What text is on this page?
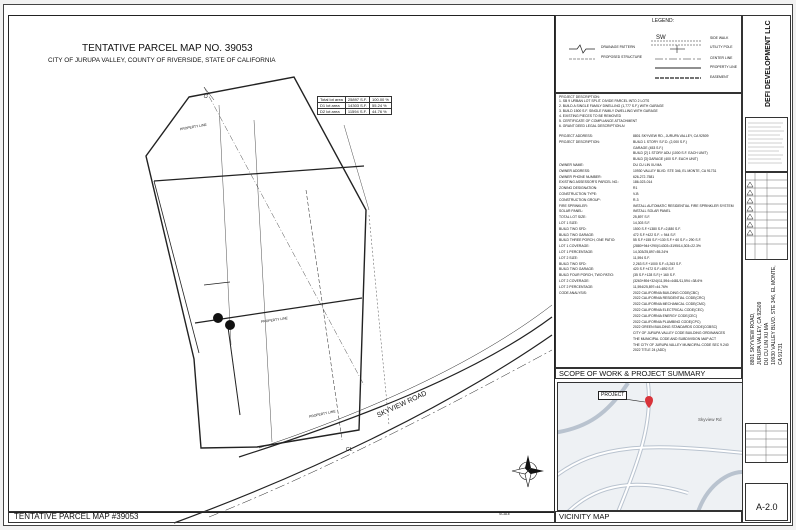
TENTATIVE PARCEL MAP NO. 39053
CITY OF JURUPA VALLEY, COUNTY OF RIVERSIDE, STATE OF CALIFORNIA
Total lot area	25897 S.F.	100.00 %
D1 lot area	14303 S.F.	55.24 %
D2 lot area	11594 S.F.	44.76 %
SKYVIEW ROAD
PROPERTY LINE
PROPERTY LINE
PROPERTY LINE
CL
CL
TENTATIVE PARCEL MAP #39053	SCALE
LEGEND:
SW
DRAINAGE PATTERN
PROPOSED STRUCTURE
SIDE WALK
UTILITY POLE
CENTER LINE
PROPERTY LINE
EASEMENT
PROJECT DESCRIPTION:
1. SB 9 URBAN LOT SPLIT. DIVIDE PARCEL INTO 2 LOTS
2. BUILD A SINGLE FAMILY DWELLING (1,777 S.F.) WITH GARAGE
3. BUILD 1500 S.F. SINGLE FAMILY DWELLING WITH GARAGE
4. EXISTING PIECES TO BE REMOVED
5. CERTIFICATE OF COMPLIANCE ATTACHMENT
6. GRANT DEED LEGAL DESCRIPTION A/
PROJECT ADDRESS:	8801 SKYVIEW RD., JURUPA VALLEY, CA 92509
PROJECT DESCRIPTION:	BUILD 1 STORY S.F.D. (2,000 S.F.)
GARAGE (453 S.F.)
BUILD [2] 1 STORY ADU (1000 S.F. EACH UNIT)
BUILD [3] GARAGE (400 S.F. EACH UNIT)
OWNER NAME:	DU CU LIN XU MA
OWNER ADDRESS:	10930 VALLEY BLVD. STE 346, EL MONTE, CA 91731
OWNER PHONE NUMBER:	626-272-7581
EXISTING ASSESSOR'S PARCEL NO.:	186-023-014
ZONING DESIGNATION:	R1
CONSTRUCTION TYPE:	V-B
CONSTRUCTION GROUP:	R-3
FIRE SPRINKLER:	INSTALL AUTOMATIC RESIDENTIAL FIRE SPRINKLER SYSTEM
SOLAR PANEL:	INSTALL SOLAR PANEL
TOTAL LOT SIZE:	25,897 S.F.
LOT 1 SIZE:	14,303 S.F.
BUILD TWO SFD:	1500 S.F.+1380 S.F.=2,880 S.F.
BUILD TWO GARAGE:	472 S.F.+422 S.F. = 944 S.F.
BUILD THREE PORCH, ONE PATIO:	55 S.F.+155 S.F.+130 S.F.+ 60 S.F.= 290 S.F.
LOT 1 COVERAGE:	(2880+944+290)/14303=3195/14,303=22.3%
LOT 1 PERCENTAGE:	14,303/25,897=55.24%
LOT 2 SIZE:	11,594 S.F.
BUILD TWO SFD:	2,263 S.F.+1000 S.F.=3,263 S.F.
BUILD TWO GARAGE:	420 S.F.+472 S.F.=892 S.F.
BUILD FOUR PORCH, TWO PATIO:	(35 S.F.+128 S.F.)+ 160 S.F.
LOT 2 COVERAGE:	(3263+894+324)/11,594=4481/11,594 =38.6%
LOT 2 PERCENTAGE:	11,594/25,897=44.76%
CODE ANALYSIS:	2022 CALIFORNIA BUILDING CODE(CBC)
2022 CALIFORNIA RESIDENTIAL CODE(CRC)
2022 CALIFORNIA MECHANICAL CODE(CMC)
2022 CALIFORNIA ELECTRICAL CODE(CEC)
2022 CALIFORNIA ENERGY CODE(CEC)
2022 CALIFORNIA PLUMBING CODE(CPC)
2022 GREEN BUILDING STANDARDS CODE(CGBSC)
CITY OF JURUPA VALLEY CODE BUILDING ORDINANCES
THE MUNICIPAL CODE AND SUBDIVISION MAP ACT
THE CITY OF JURUPA VALLEY MUNICIPAL CODE SEC 9.240
2022 TITLE 24 (ADD)
SCOPE OF WORK & PROJECT SUMMARY
PROJECT
Skyview Rd
VICINITY MAP
DEFI DEVELOPMENT LLC
8801 SKYVIEW ROAD, JURUPA VALLEY, CA 92509 DU CU LIN XU MA 10930 VALLEY BLVD. STE 346, EL MONTE, CA 91731
A-2.0
